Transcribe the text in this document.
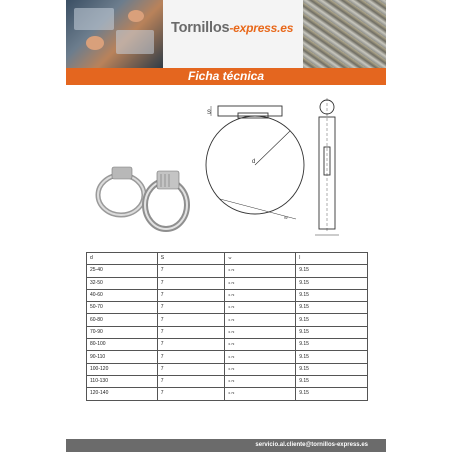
Tornillos-express.es
Ficha técnica
S
d
W
d	S	W	l
25-40	7	0.73	9.15
32-50	7	0.73	9.15
40-60	7	0.73	9.15
50-70	7	0.73	9.15
60-80	7	0.73	9.15
70-90	7	0.73	9.15
80-100	7	0.73	9.15
90-110	7	0.73	9.15
100-120	7	0.73	9.15
110-130	7	0.73	9.15
120-140	7	0.73	9.15
servicio.al.cliente@tornillos-express.es
